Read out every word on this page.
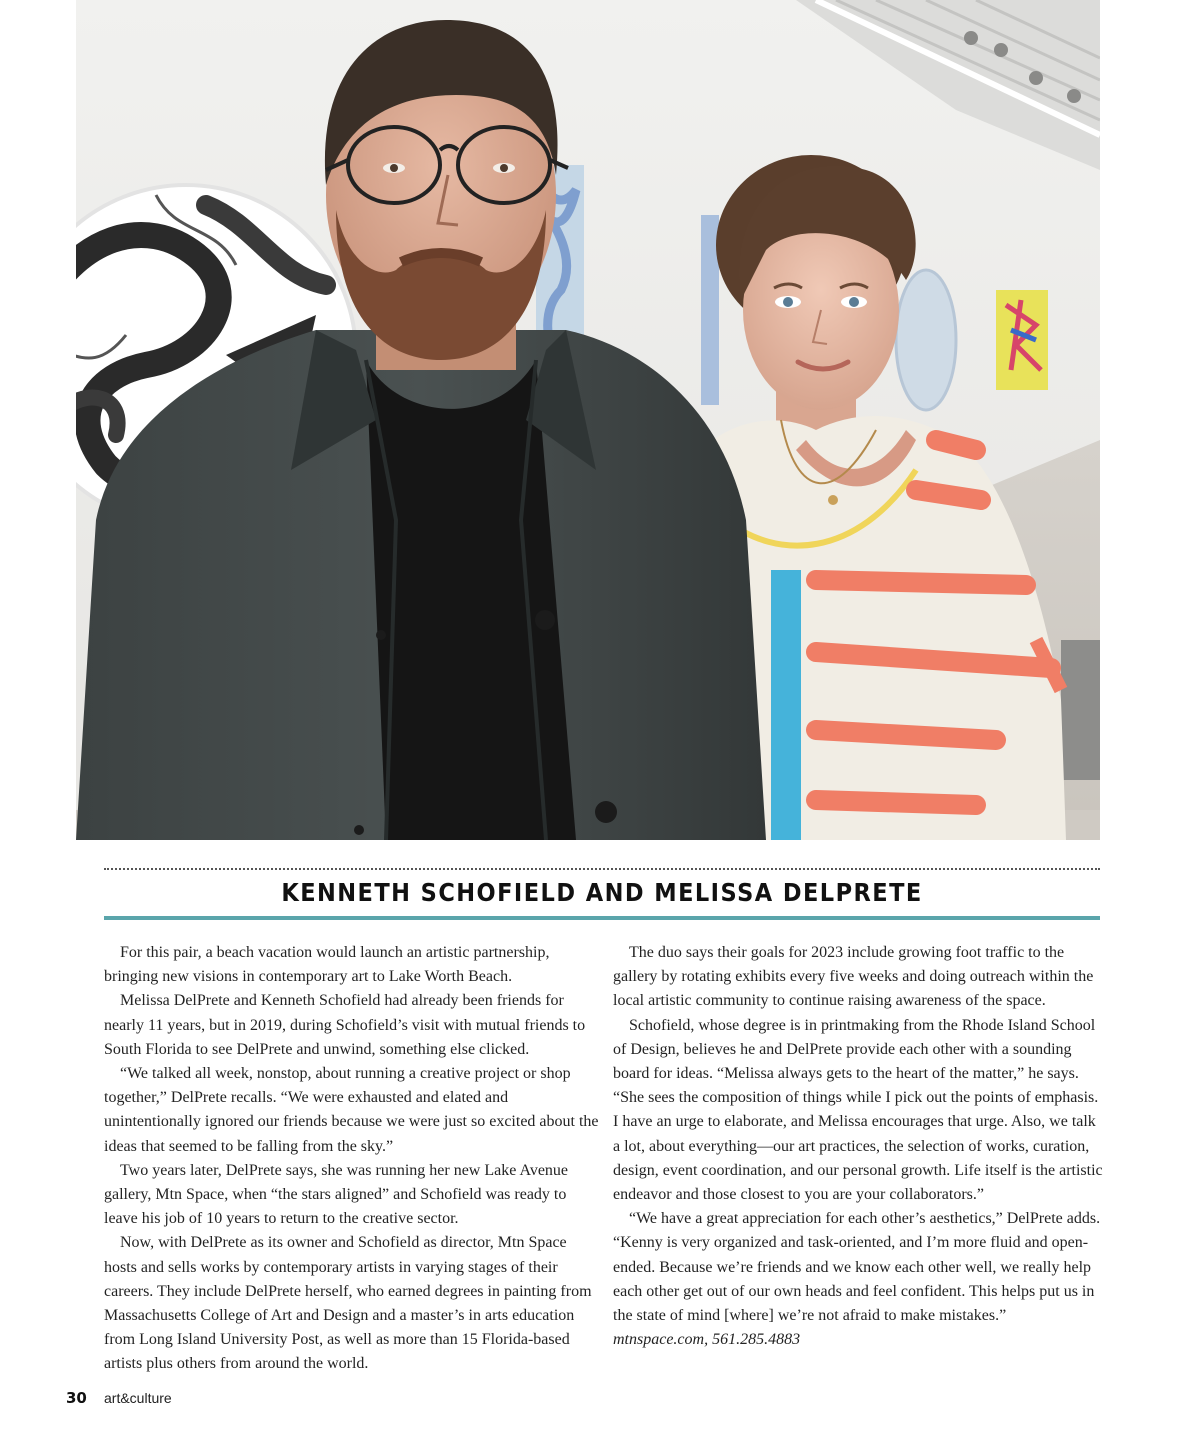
KENNETH SCHOFIELD AND MELISSA DELPRETE

For this pair, a beach vacation would launch an artistic partnership, bringing new visions in contemporary art to Lake Worth Beach.

Melissa DelPrete and Kenneth Schofield had already been friends for nearly 11 years, but in 2019, during Schofield’s visit with mutual friends to South Florida to see DelPrete and unwind, something else clicked.

“We talked all week, nonstop, about running a creative project or shop together,” DelPrete recalls. “We were exhausted and elated and unintentionally ignored our friends because we were just so excited about the ideas that seemed to be falling from the sky.”

Two years later, DelPrete says, she was running her new Lake Avenue gallery, Mtn Space, when “the stars aligned” and Schofield was ready to leave his job of 10 years to return to the creative sector.

Now, with DelPrete as its owner and Schofield as director, Mtn Space hosts and sells works by contemporary artists in varying stages of their careers. They include DelPrete herself, who earned degrees in painting from Massachusetts College of Art and Design and a master’s in arts education from Long Island University Post, as well as more than 15 Florida-based artists plus others from around the world.

The duo says their goals for 2023 include growing foot traffic to the gallery by rotating exhibits every five weeks and doing outreach within the local artistic community to continue raising awareness of the space.

Schofield, whose degree is in printmaking from the Rhode Island School of Design, believes he and DelPrete provide each other with a sounding board for ideas. “Melissa always gets to the heart of the matter,” he says. “She sees the composition of things while I pick out the points of emphasis. I have an urge to elaborate, and Melissa encourages that urge. Also, we talk a lot, about everything—our art practices, the selection of works, curation, design, event coordination, and our personal growth. Life itself is the artistic endeavor and those closest to you are your collaborators.”

“We have a great appreciation for each other’s aesthetics,” DelPrete adds. “Kenny is very organized and task-oriented, and I’m more fluid and open-ended. Because we’re friends and we know each other well, we really help each other get out of our own heads and feel confident. This helps put us in the state of mind [where] we’re not afraid to make mistakes.” mtnspace.com, 561.285.4883

30 art&culture
